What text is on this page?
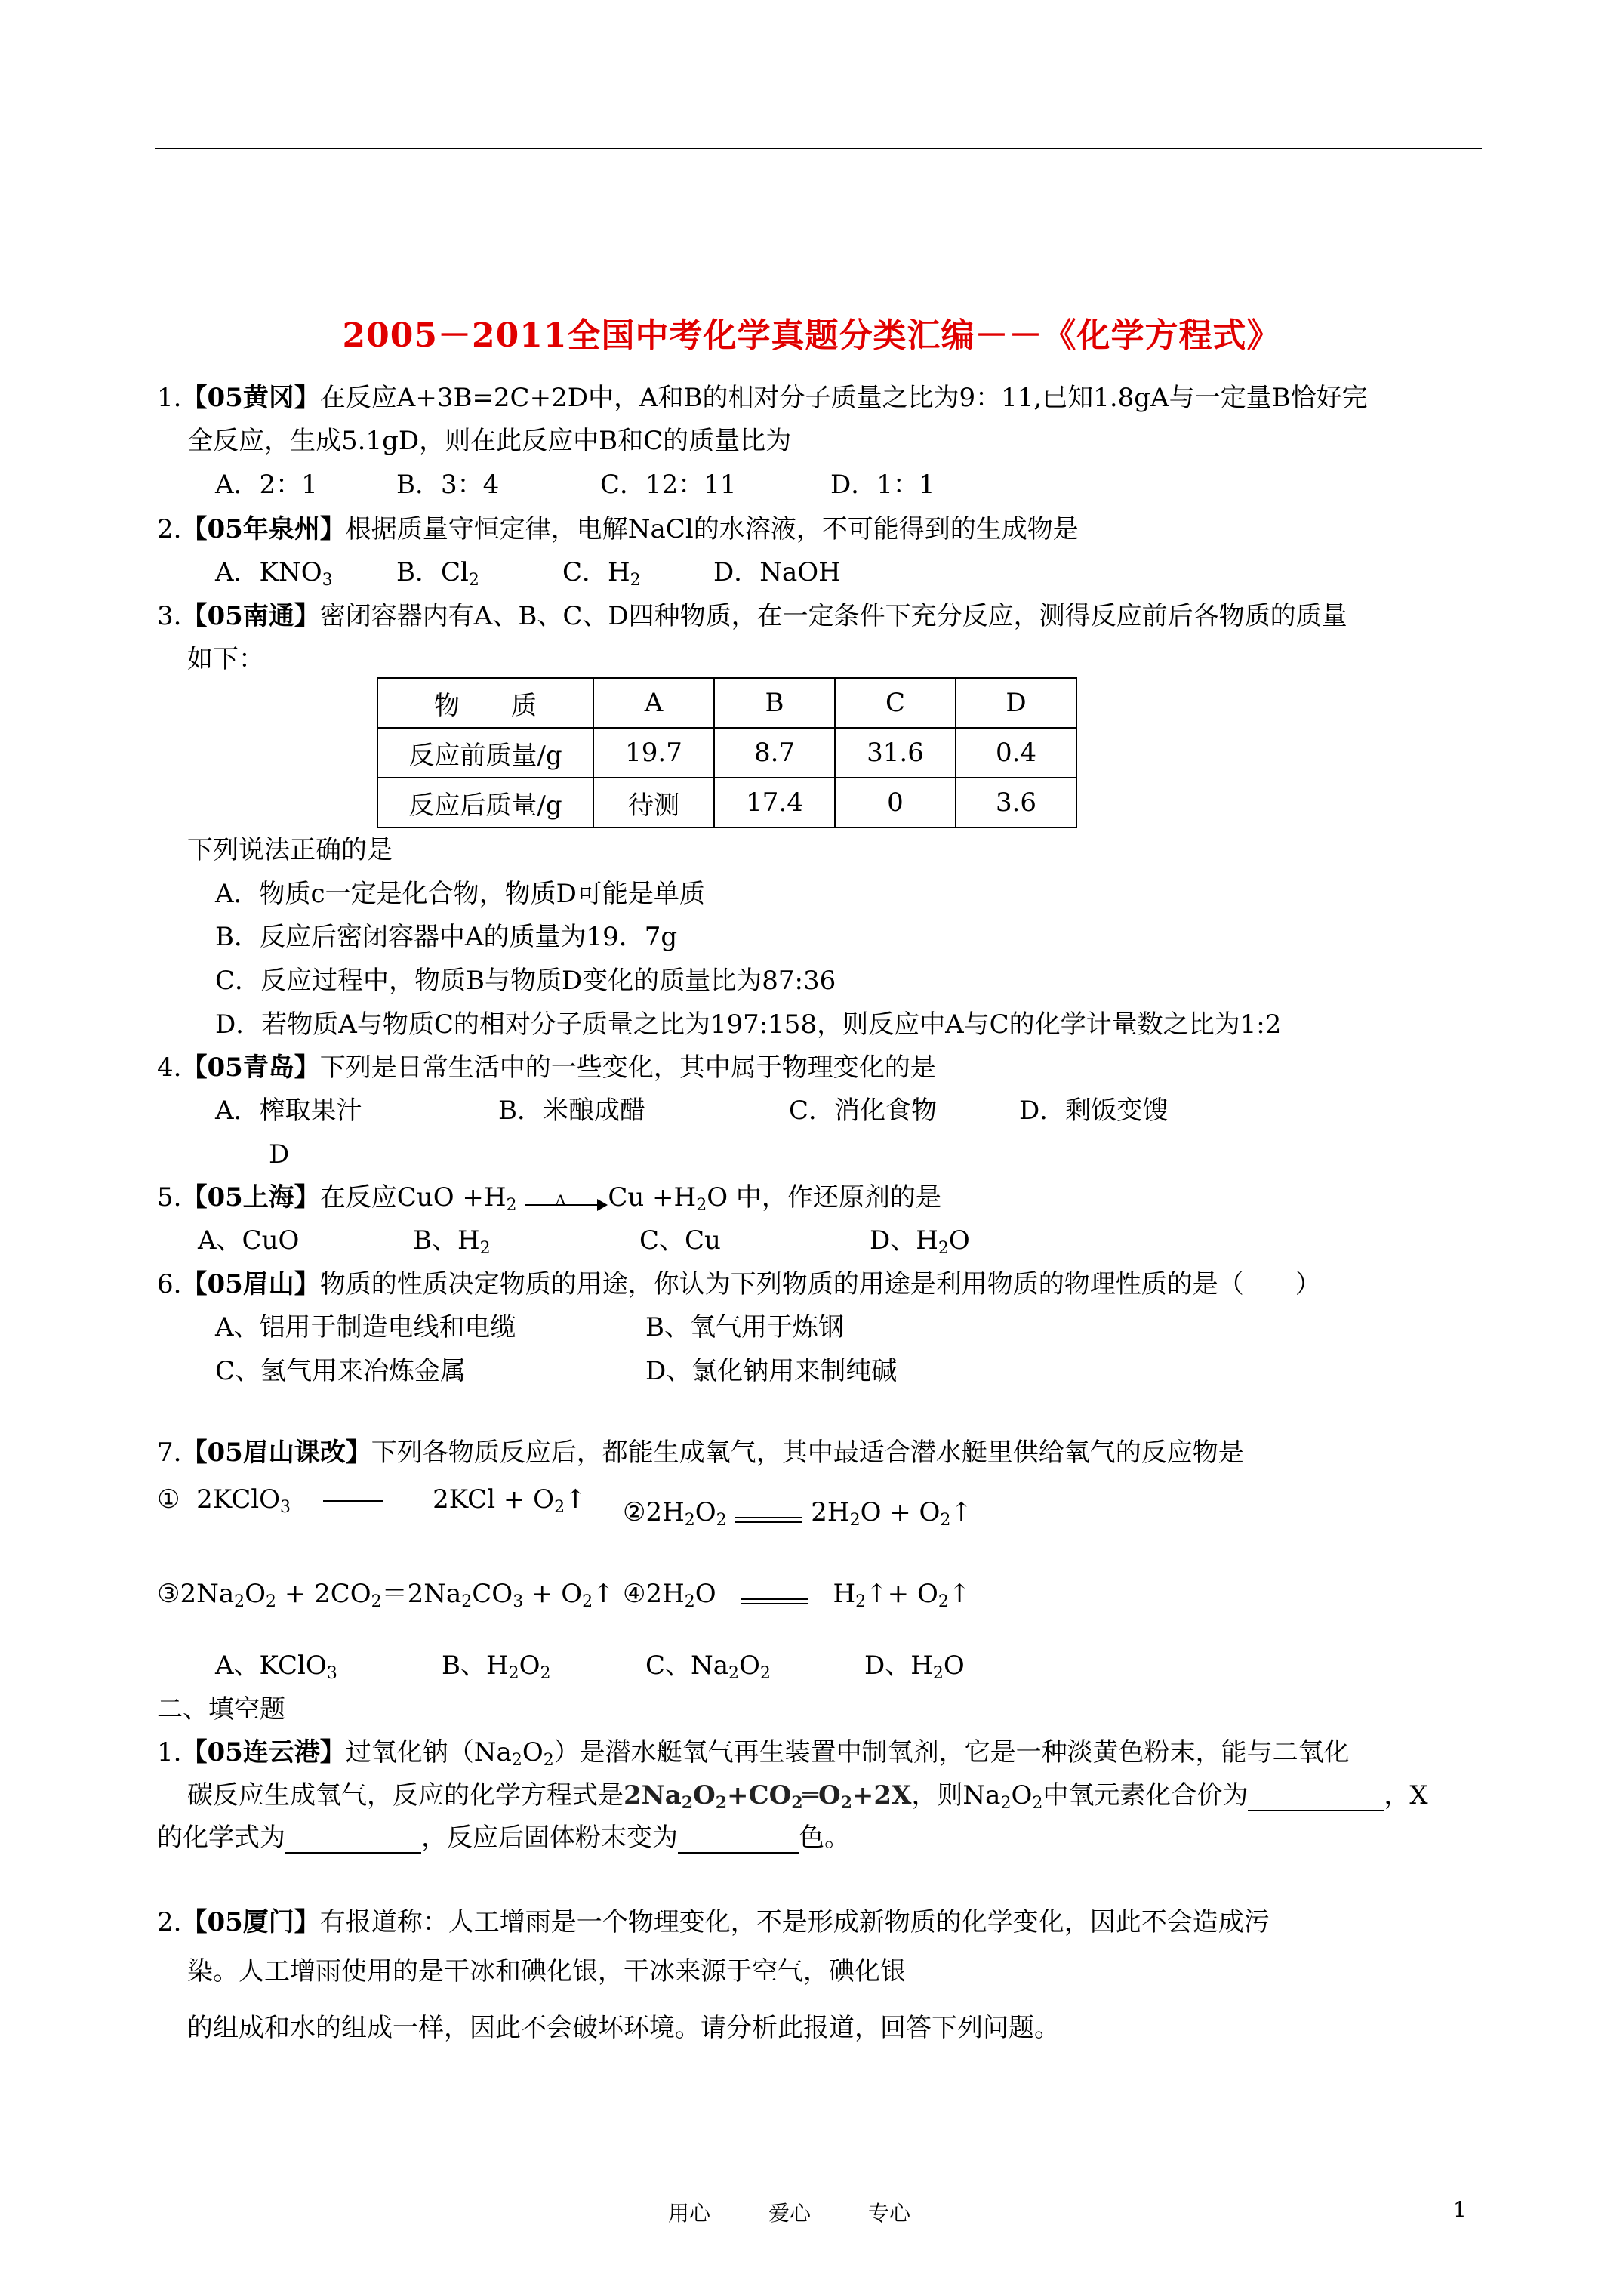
2005－2011全国中考化学真题分类汇编－－《化学方程式》
1.【05黄冈】在反应A+3B=2C+2D中，A和B的相对分子质量之比为9：11,已知1.8gA与一定量B恰好完
全反应，生成5.1gD，则在此反应中B和C的质量比为
A．2：1	B．3：4	C．12：11	D．1：1
2.【05年泉州】根据质量守恒定律，电解NaCl的水溶液，不可能得到的生成物是
A．$KNO_3$ B．$Cl_2$	C．$H_2$	D．NaOH
3.【05南通】密闭容器内有A、B、C、D四种物质，在一定条件下充分反应，测得反应前后各物质的质量
如下：
物　　质	A	B	C	D
反应前质量/g	19.7	8.7	31.6	0.4
反应后质量/g	待测	17.4	0	3.6
下列说法正确的是
A．物质c一定是化合物，物质D可能是单质
B．反应后密闭容器中A的质量为19．7g
C．反应过程中，物质B与物质D变化的质量比为87:36
D．若物质A与物质C的相对分子质量之比为197:158，则反应中A与C的化学计量数之比为1:2
4.【05青岛】下列是日常生活中的一些变化，其中属于物理变化的是
A．榨取果汁	B．米酿成醋	C．消化食物	D．剩饭变馊
D
5.【05上海】在反应CuO $+H_2$	Δ $Cu +H_2O$ 中，作还原剂的是
A、CuO	B、$H_2$	C、Cu	D、$H_2O$
6.【05眉山】物质的性质决定物质的用途，你认为下列物质的用途是利用物质的物理性质的是（　　）
A、铝用于制造电线和电缆	B、氧气用于炼钢
C、氢气用来冶炼金属	D、氯化钠用来制纯碱
7.【05眉山课改】下列各物质反应后，都能生成氧气，其中最适合潜水艇里供给氧气的反应物是
①  2KClO$_3$	$2KCl + O_2↑$ $②2H_2O_2$	$2H_2O$ + $O_2↑$
$③2Na_2O_2 + 2CO_2=2Na_2CO_3$ + $O_2↑$ $④2H_2O$	$H_2↑+$ $O_2↑$
A、KClO$_3$	B、$H_2O_2$	C、$Na_2O_2$	D、$H_2O$
二、填空题
1.【05连云港】过氧化钠$(Na_2O_2)$是潜水艇氧气再生装置中制氧剂，它是一种淡黄色粉末，能与二氧化
碳反应生成氧气，反应的化学方程式是$2Na_2O_2+CO_2═O_2+2X$，则$Na_2O_2$中氧元素化合价为	，X
的化学式为	，反应后固体粉末变为	色。
2.【05厦门】有报道称：人工增雨是一个物理变化，不是形成新物质的化学变化，因此不会造成污
染。人工增雨使用的是干冰和碘化银，干冰来源于空气，碘化银
的组成和水的组成一样，因此不会破坏环境。请分析此报道，回答下列问题。
用心	爱心	专心	1
